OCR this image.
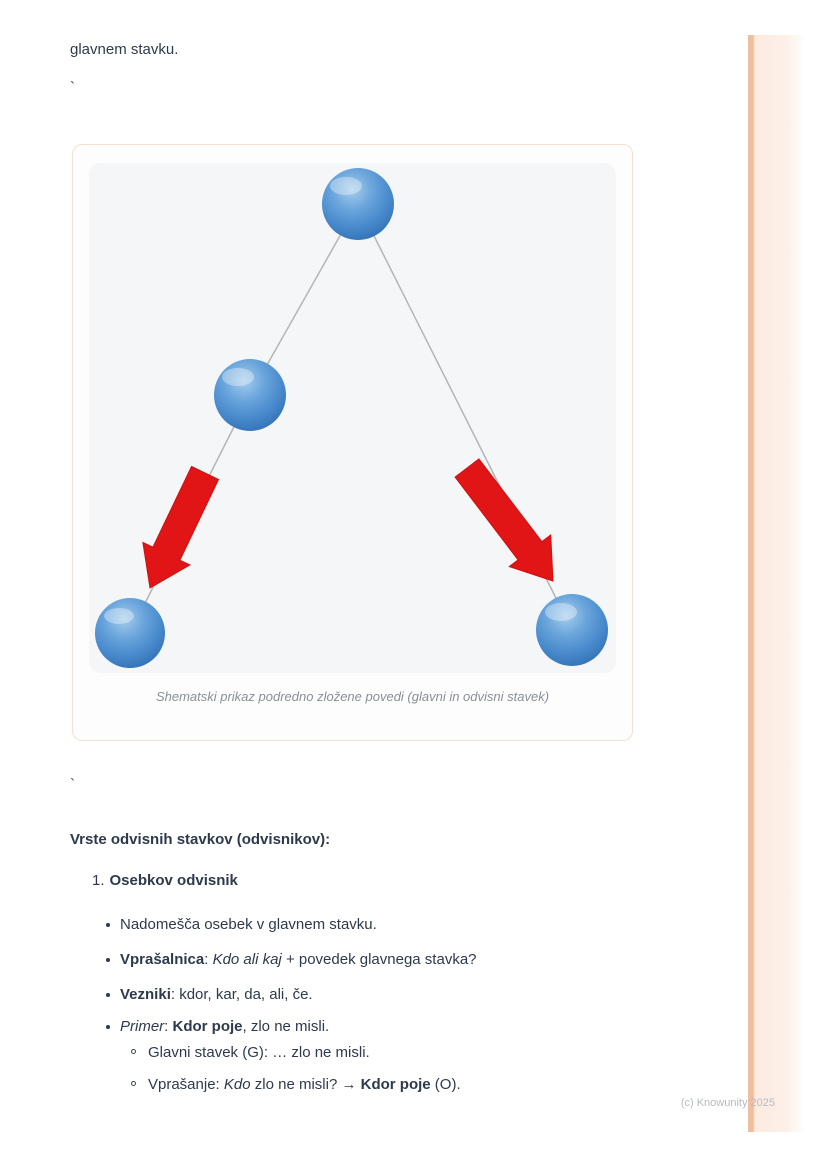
glavnem stavku.
`
Shematski prikaz podredno zložene povedi (glavni in odvisni stavek)
`
Vrste odvisnih stavkov (odvisnikov):
1. Osebkov odvisnik
Nadomešča osebek v glavnem stavku.
Vprašalnica: Kdo ali kaj + povedek glavnega stavka?
Vezniki: kdor, kar, da, ali, če.
Primer: Kdor poje, zlo ne misli.
Glavni stavek (G): … zlo ne misli.
Vprašanje: Kdo zlo ne misli? → Kdor poje (O).
(c) Knowunity 2025
